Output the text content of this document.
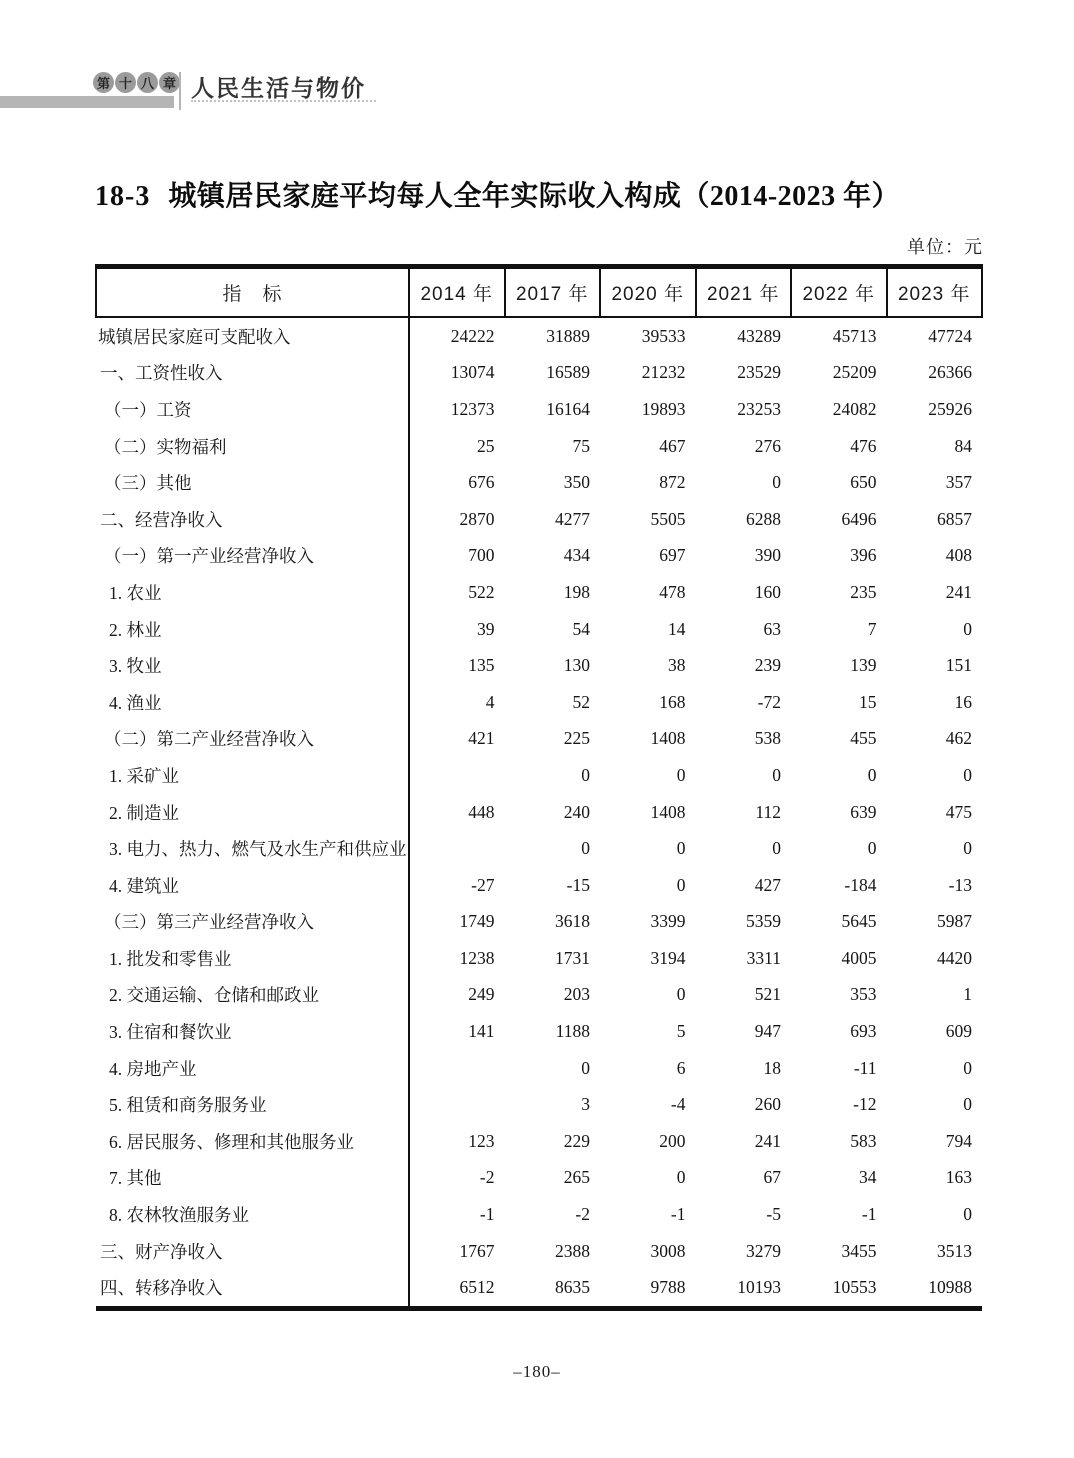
第 十 八 章 人民生活与物价
18-3 城镇居民家庭平均每人全年实际收入构成（2014-2023 年）
单位：元
指　标	2014 年	2017 年	2020 年	2021 年	2022 年	2023 年
城镇居民家庭可支配收入	24222	31889	39533	43289	45713	47724
一、工资性收入	13074	16589	21232	23529	25209	26366
（一）工资	12373	16164	19893	23253	24082	25926
（二）实物福利	25	75	467	276	476	84
（三）其他	676	350	872	0	650	357
二、经营净收入	2870	4277	5505	6288	6496	6857
（一）第一产业经营净收入	700	434	697	390	396	408
1. 农业	522	198	478	160	235	241
2. 林业	39	54	14	63	7	0
3. 牧业	135	130	38	239	139	151
4. 渔业	4	52	168	-72	15	16
（二）第二产业经营净收入	421	225	1408	538	455	462
1. 采矿业		0	0	0	0	0
2. 制造业	448	240	1408	112	639	475
3. 电力、热力、燃气及水生产和供应业		0	0	0	0	0
4. 建筑业	-27	-15	0	427	-184	-13
（三）第三产业经营净收入	1749	3618	3399	5359	5645	5987
1. 批发和零售业	1238	1731	3194	3311	4005	4420
2. 交通运输、仓储和邮政业	249	203	0	521	353	1
3. 住宿和餐饮业	141	1188	5	947	693	609
4. 房地产业		0	6	18	-11	0
5. 租赁和商务服务业		3	-4	260	-12	0
6. 居民服务、修理和其他服务业	123	229	200	241	583	794
7. 其他	-2	265	0	67	34	163
8. 农林牧渔服务业	-1	-2	-1	-5	-1	0
三、财产净收入	1767	2388	3008	3279	3455	3513
四、转移净收入	6512	8635	9788	10193	10553	10988
–180–
